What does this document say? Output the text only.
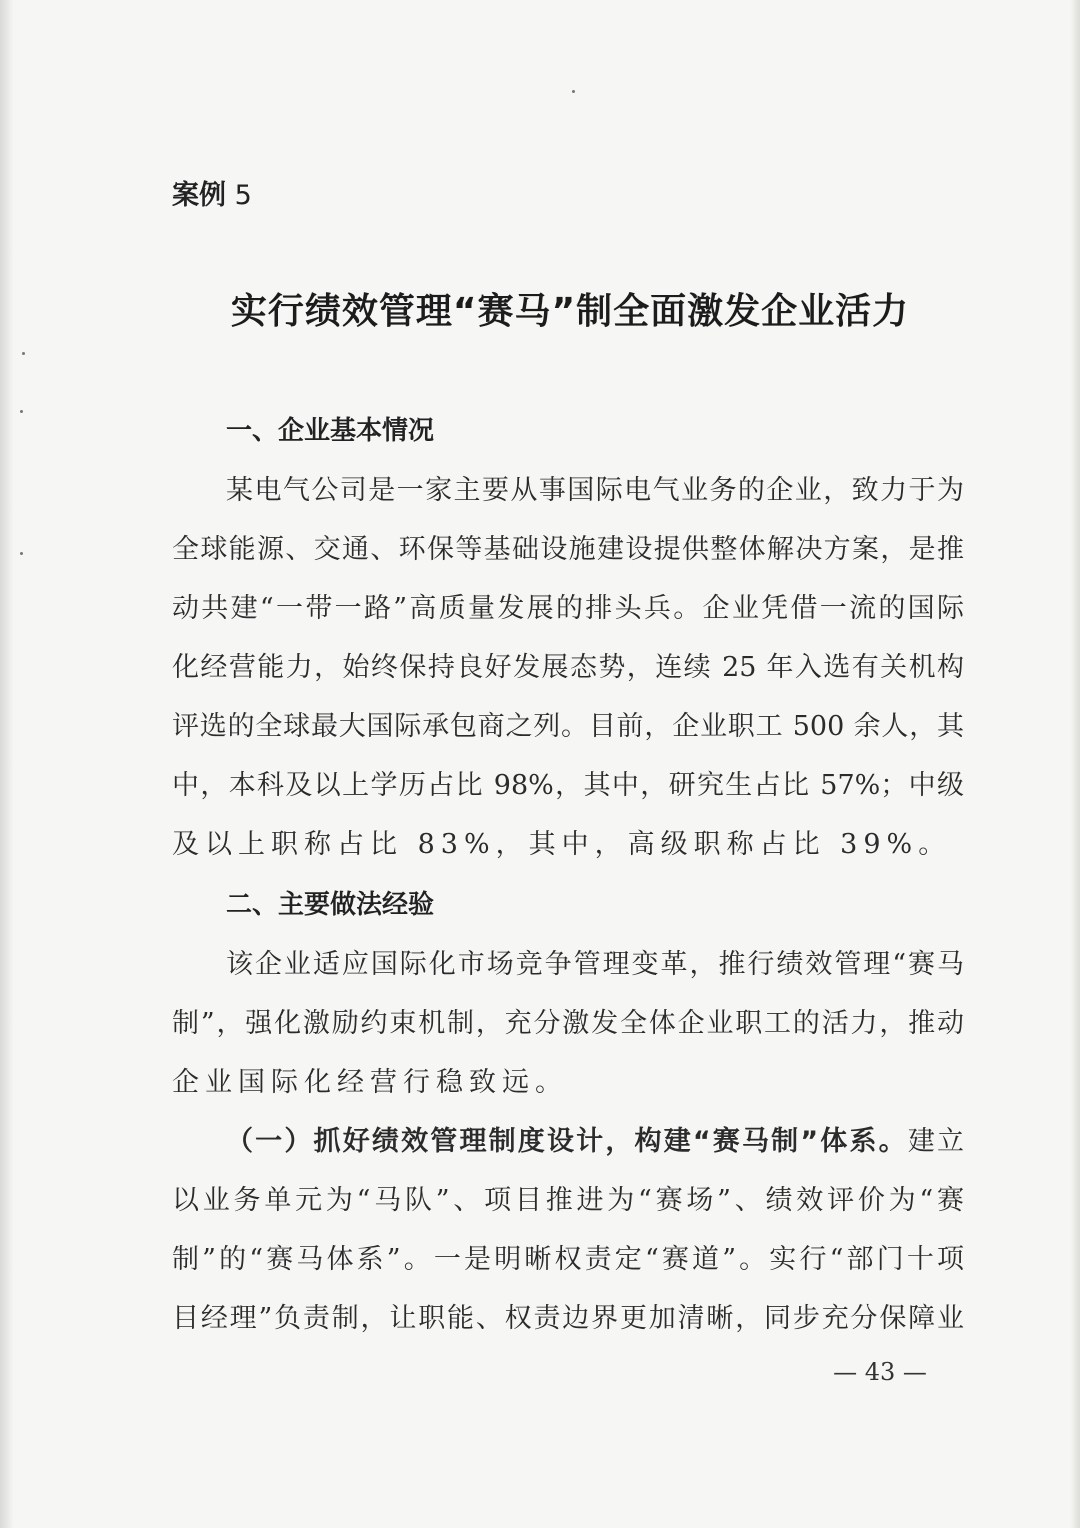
案例 5
实行绩效管理“赛马”制全面激发企业活力
一、企业基本情况
某电气公司是一家主要从事国际电气业务的企业，致力于为
全球能源、交通、环保等基础设施建设提供整体解决方案，是推
动共建“一带一路”高质量发展的排头兵。企业凭借一流的国际
化经营能力，始终保持良好发展态势，连续 25 年入选有关机构
评选的全球最大国际承包商之列。目前，企业职工 500 余人，其
中，本科及以上学历占比 98%，其中，研究生占比 57%；中级
及以上职称占比 83%，其中，高级职称占比 39%。
二、主要做法经验
该企业适应国际化市场竞争管理变革，推行绩效管理“赛马
制”，强化激励约束机制，充分激发全体企业职工的活力，推动
企业国际化经营行稳致远。
（一）抓好绩效管理制度设计，构建“赛马制”体系。建立
以业务单元为“马队”、项目推进为“赛场”、绩效评价为“赛
制”的“赛马体系”。一是明晰权责定“赛道”。实行“部门十项
目经理”负责制，让职能、权责边界更加清晰，同步充分保障业
— 43 —
